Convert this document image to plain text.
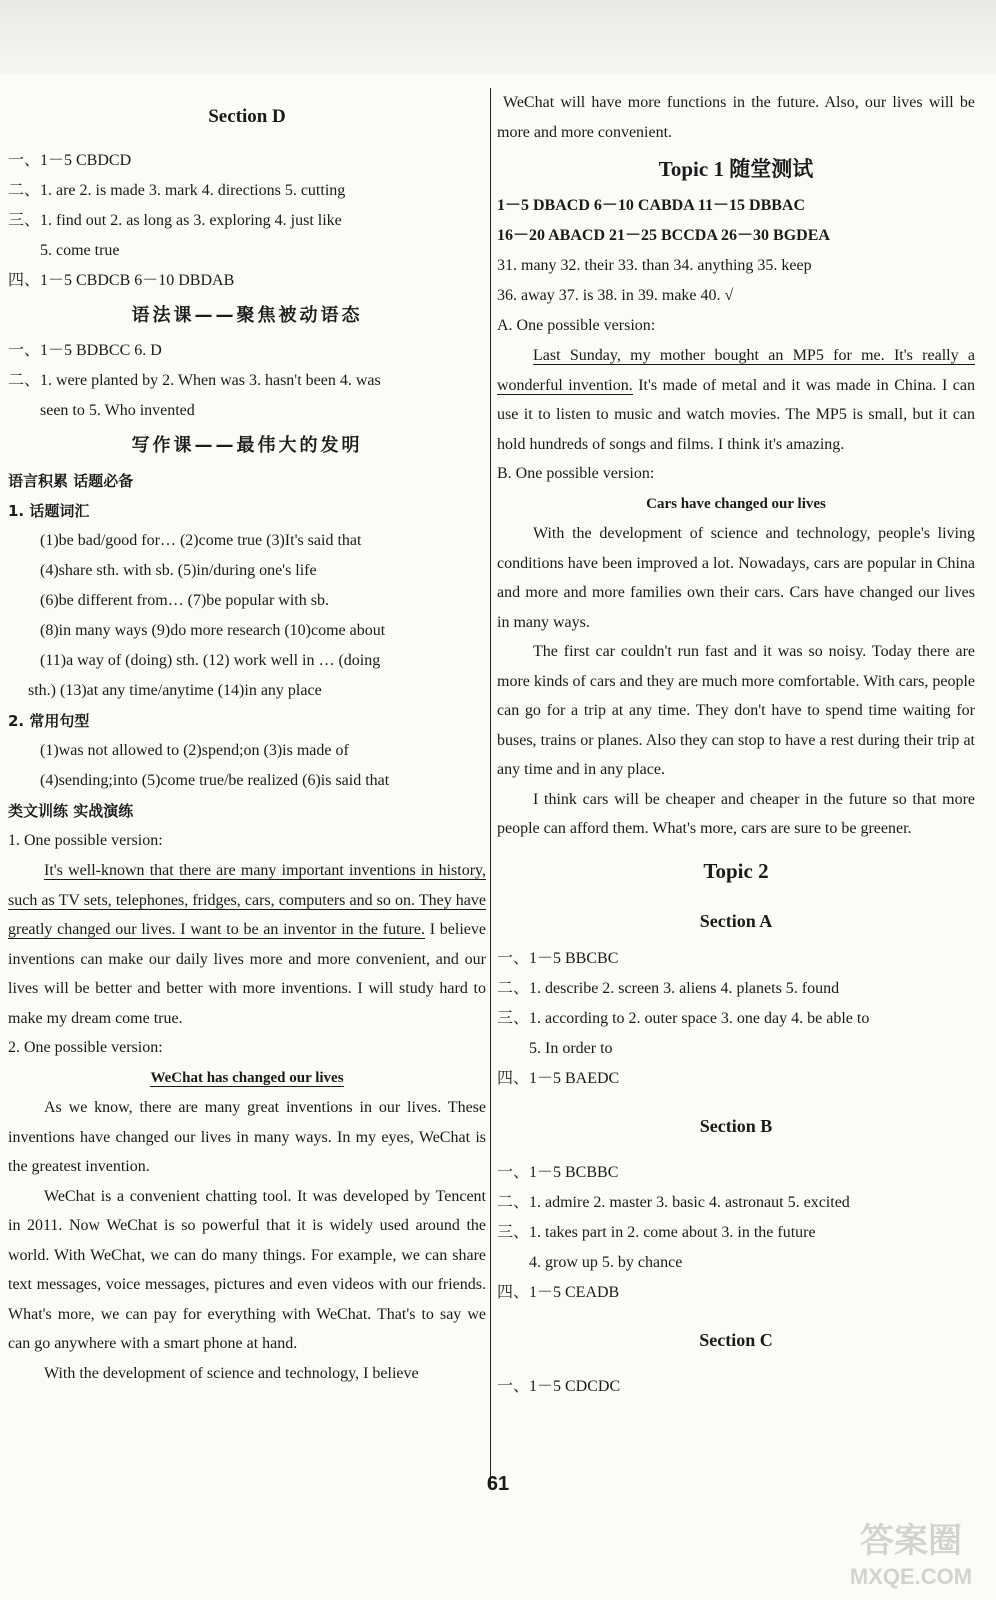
Section D
一、1－5 CBDCD
二、1. are 2. is made 3. mark 4. directions 5. cutting
三、1. find out 2. as long as 3. exploring 4. just like
5. come true
四、1－5 CBDCB 6－10 DBDAB
语法课——聚焦被动语态
一、1－5 BDBCC 6. D
二、1. were planted by 2. When was 3. hasn't been 4. was
seen to 5. Who invented
写作课——最伟大的发明
语言积累 话题必备
1. 话题词汇
(1)be bad/good for… (2)come true (3)It's said that
(4)share sth. with sb. (5)in/during one's life
(6)be different from… (7)be popular with sb.
(8)in many ways (9)do more research (10)come about
(11)a way of (doing) sth. (12) work well in … (doing
sth.) (13)at any time/anytime (14)in any place
2. 常用句型
(1)was not allowed to (2)spend;on (3)is made of
(4)sending;into (5)come true/be realized (6)is said that
类文训练 实战演练
1. One possible version:
It's well-known that there are many important inventions in history, such as TV sets, telephones, fridges, cars, computers and so on. They have greatly changed our lives. I want to be an inventor in the future. I believe inventions can make our daily lives more and more convenient, and our lives will be better and better with more inventions. I will study hard to make my dream come true.
2. One possible version:
WeChat has changed our lives
As we know, there are many great inventions in our lives. These inventions have changed our lives in many ways. In my eyes, WeChat is the greatest invention.
WeChat is a convenient chatting tool. It was developed by Tencent in 2011. Now WeChat is so powerful that it is widely used around the world. With WeChat, we can do many things. For example, we can share text messages, voice messages, pictures and even videos with our friends. What's more, we can pay for everything with WeChat. That's to say we can go anywhere with a smart phone at hand.
With the development of science and technology, I believe
WeChat will have more functions in the future. Also, our lives will be more and more convenient.
Topic 1 随堂测试
1－5 DBACD 6－10 CABDA 11－15 DBBAC
16－20 ABACD 21－25 BCCDA 26－30 BGDEA
31. many 32. their 33. than 34. anything 35. keep
36. away 37. is 38. in 39. make 40. √
A. One possible version:
Last Sunday, my mother bought an MP5 for me. It's really a wonderful invention. It's made of metal and it was made in China. I can use it to listen to music and watch movies. The MP5 is small, but it can hold hundreds of songs and films. I think it's amazing.
B. One possible version:
Cars have changed our lives
With the development of science and technology, people's living conditions have been improved a lot. Nowadays, cars are popular in China and more and more families own their cars. Cars have changed our lives in many ways.
The first car couldn't run fast and it was so noisy. Today there are more kinds of cars and they are much more comfortable. With cars, people can go for a trip at any time. They don't have to spend time waiting for buses, trains or planes. Also they can stop to have a rest during their trip at any time and in any place.
I think cars will be cheaper and cheaper in the future so that more people can afford them. What's more, cars are sure to be greener.
Topic 2
Section A
一、1－5 BBCBC
二、1. describe 2. screen 3. aliens 4. planets 5. found
三、1. according to 2. outer space 3. one day 4. be able to
5. In order to
四、1－5 BAEDC
Section B
一、1－5 BCBBC
二、1. admire 2. master 3. basic 4. astronaut 5. excited
三、1. takes part in 2. come about 3. in the future
4. grow up 5. by chance
四、1－5 CEADB
Section C
一、1－5 CDCDC
61
答案圈
MXQE.COM
